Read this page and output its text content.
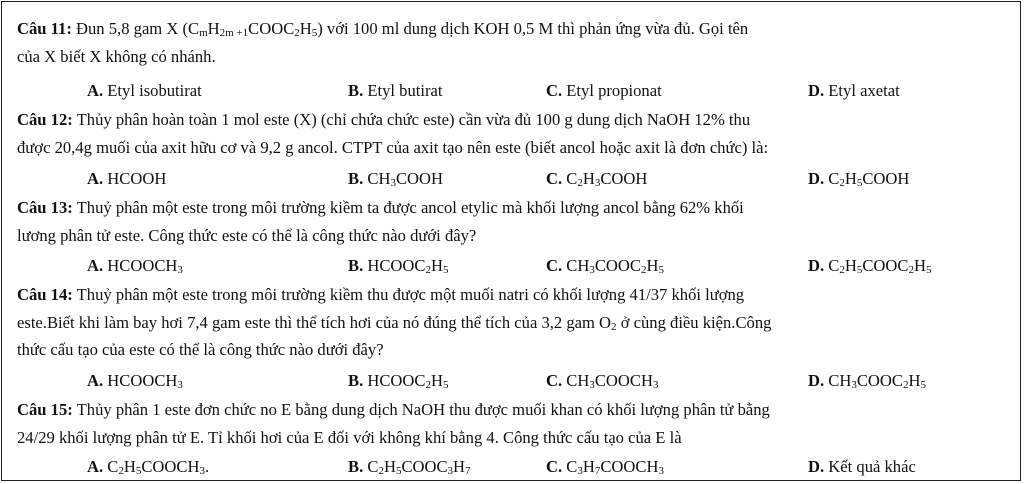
Câu 11: Đun 5,8 gam X $(C_mH_{2m +1}COOC_2H_5)$ với 100 ml dung dịch KOH 0,5 M thì phản ứng vừa đủ. Gọi tên
của X biết X không có nhánh.
A. Etyl isobutirat	B. Etyl butirat	C. Etyl propionat	D. Etyl axetat
Câu 12: Thủy phân hoàn toàn 1 mol este (X) (chỉ chứa chức este) cần vừa đủ 100 g dung dịch NaOH 12% thu
được 20,4g muối của axit hữu cơ và 9,2 g ancol. CTPT của axit tạo nên este (biết ancol hoặc axit là đơn chức) là:
A. HCOOH	B. $CH_3COOH$	C. $C_2H_3COOH$	D. $C_2H_5COOH$
Câu 13: Thuỷ phân một este trong môi trường kiềm ta được ancol etylic mà khối lượng ancol bằng 62% khối
lương phân tử este. Công thức este có thể là công thức nào dưới đây?
A. $HCOOCH_3$	B. $HCOOC_2H_5$	C. $CH_3COOC_2H_5$	D. $C_2H_5COOC_2H_5$
Câu 14: Thuỷ phân một este trong môi trường kiềm thu được một muối natri có khối lượng 41/37 khối lượng
este.Biết khi làm bay hơi 7,4 gam este thì thể tích hơi của nó đúng thể tích của 3,2 gam $O_2$ ở cùng điều kiện.Công
thức cấu tạo của este có thể là công thức nào dưới đây?
A. $HCOOCH_3$	B. $HCOOC_2H_5$	C. $CH_3COOCH_3$	D. $CH_3COOC_2H_5$
Câu 15: Thủy phân 1 este đơn chức no E bằng dung dịch NaOH thu được muối khan có khối lượng phân tử bằng
24/29 khối lượng phân tử E. Tỉ khối hơi của E đối với không khí bằng 4. Công thức cấu tạo của E là
A. $C_2H_5COOCH_3$.	B. $C_2H_5COOC_3H_7$	C. $C_3H_7COOCH_3$	D. Kết quả khác
